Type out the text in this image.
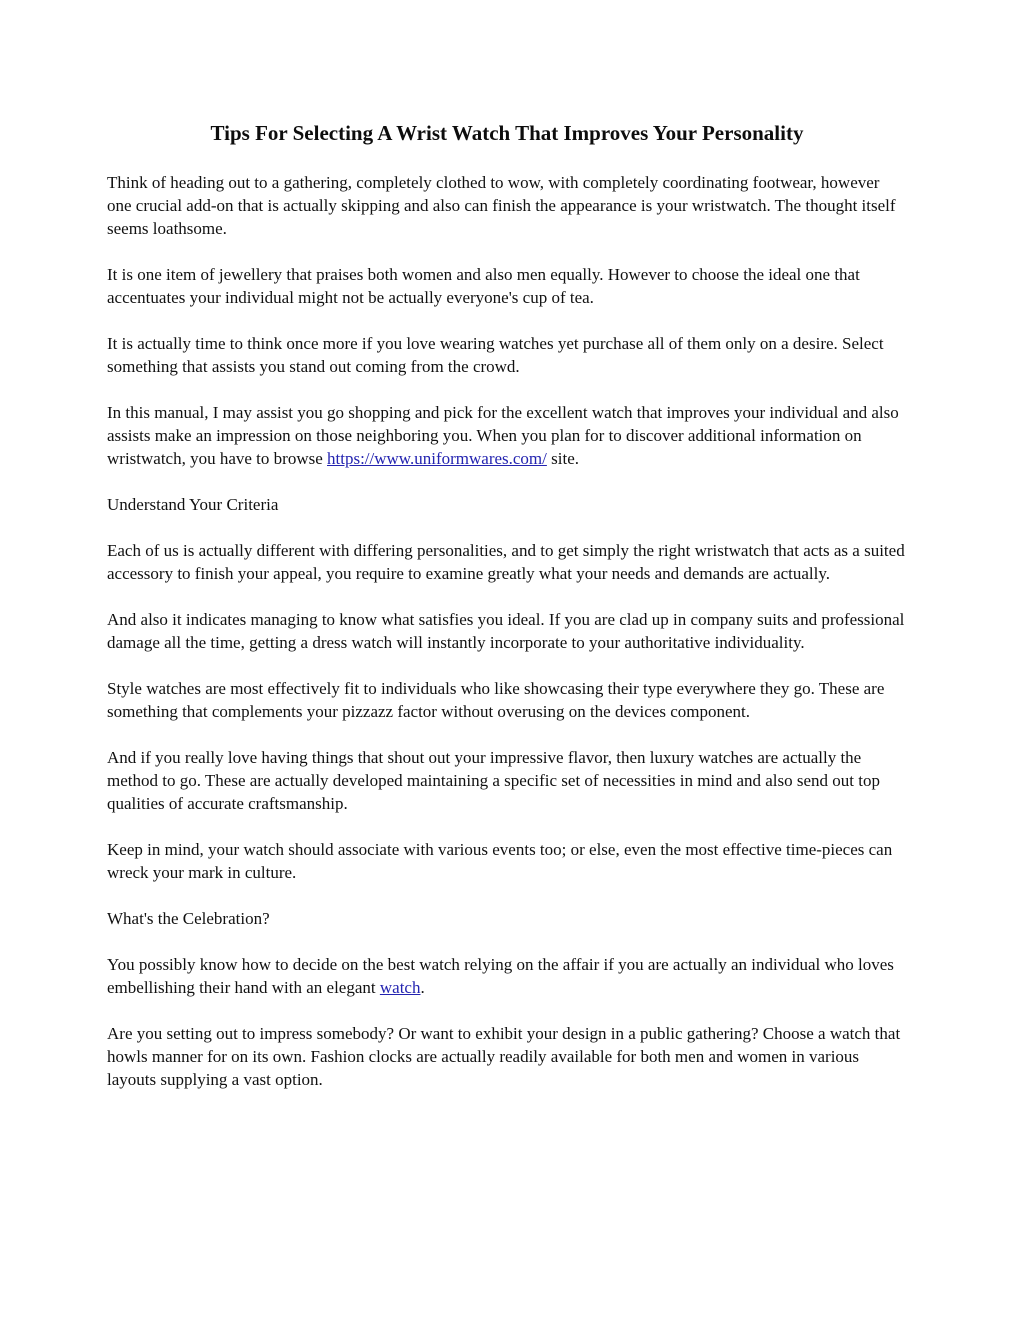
Tips For Selecting A Wrist Watch That Improves Your Personality

Think of heading out to a gathering, completely clothed to wow, with completely coordinating footwear, however one crucial add-on that is actually skipping and also can finish the appearance is your wristwatch. The thought itself seems loathsome.

It is one item of jewellery that praises both women and also men equally. However to choose the ideal one that accentuates your individual might not be actually everyone's cup of tea.

It is actually time to think once more if you love wearing watches yet purchase all of them only on a desire. Select something that assists you stand out coming from the crowd.

In this manual, I may assist you go shopping and pick for the excellent watch that improves your individual and also assists make an impression on those neighboring you. When you plan for to discover additional information on wristwatch, you have to browse https://www.uniformwares.com/ site.

Understand Your Criteria

Each of us is actually different with differing personalities, and to get simply the right wristwatch that acts as a suited accessory to finish your appeal, you require to examine greatly what your needs and demands are actually.

And also it indicates managing to know what satisfies you ideal. If you are clad up in company suits and professional damage all the time, getting a dress watch will instantly incorporate to your authoritative individuality.

Style watches are most effectively fit to individuals who like showcasing their type everywhere they go. These are something that complements your pizzazz factor without overusing on the devices component.

And if you really love having things that shout out your impressive flavor, then luxury watches are actually the method to go. These are actually developed maintaining a specific set of necessities in mind and also send out top qualities of accurate craftsmanship.

Keep in mind, your watch should associate with various events too; or else, even the most effective time-pieces can wreck your mark in culture.

What's the Celebration?

You possibly know how to decide on the best watch relying on the affair if you are actually an individual who loves embellishing their hand with an elegant watch.

Are you setting out to impress somebody? Or want to exhibit your design in a public gathering? Choose a watch that howls manner for on its own. Fashion clocks are actually readily available for both men and women in various layouts supplying a vast option.
